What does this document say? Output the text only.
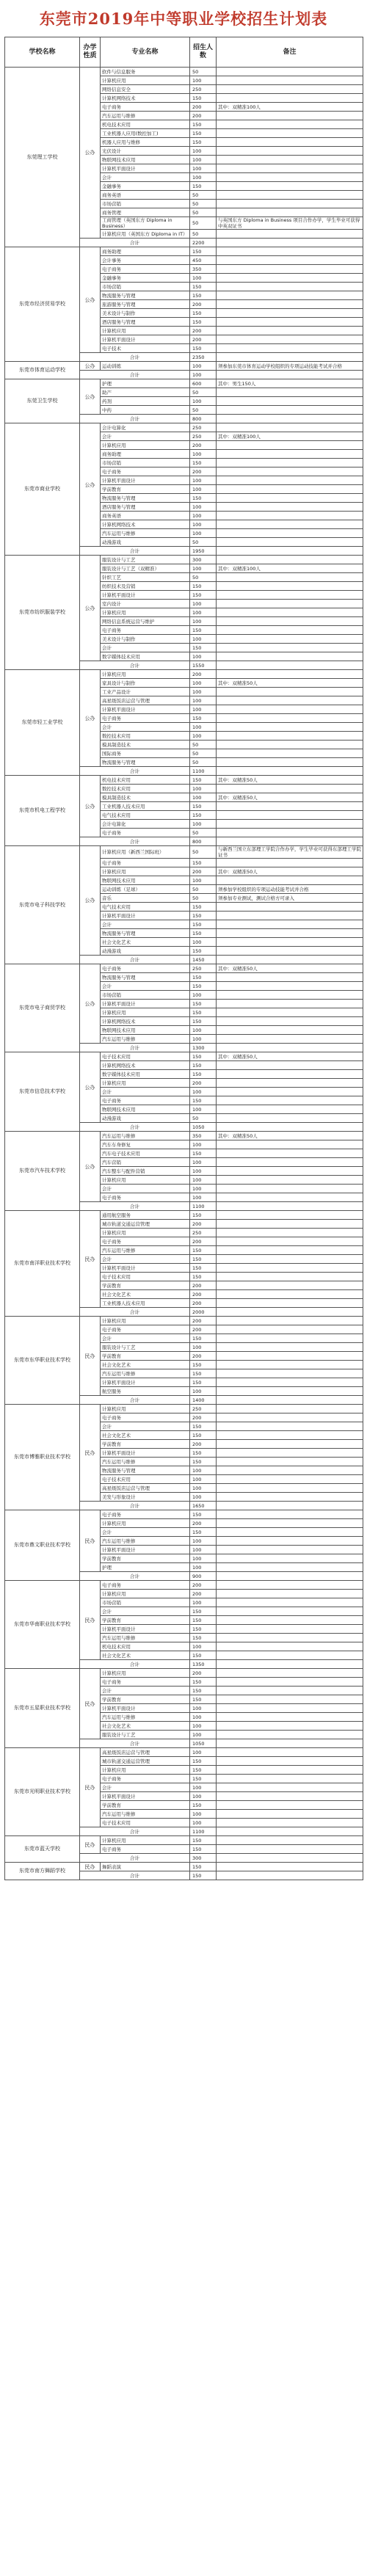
东莞市2019年中等职业学校招生计划表
学校名称	办学性质	专业名称	招生人数	备注
东莞理工学校	公办	软件与信息服务	50	
		计算机应用	100	
		网络信息安全	250	
		计算机网络技术	150	
		电子商务	200	其中：双精准100人
		汽车运用与维修	200	
		机电技术应用	150	
		工业机器人应用(数控加工)	150	
		机器人应用与维修	150	
		光伏设计	100	
		物联网技术应用	100	
		计算机平面设计	100	
		会计	100	
		金融事务	150	
		商务英语	50	
		市场营销	50	
		商务管理	50	
		工商管理（英国东方 Diploma in Business）	50	与英国东方 Diploma in Business 项目合作办学，学生毕业可获得中英双证书
		计算机应用（英国东方 Diploma in IT）	50	
	合计		2200	
东莞市经济贸易学校	公办	商务助理	150	
		会计事务	450	
		电子商务	350	
		金融事务	100	
		市场营销	150	
		物流服务与管理	150	
		旅游服务与管理	200	
		美术设计与制作	150	
		酒店服务与管理	150	
		计算机应用	200	
		计算机平面设计	200	
		电子技术	150	
	合计		2350	
东莞市体育运动学校	公办	运动训练	100	须参加东莞市体育运动学校组织的专项运动技能考试并合格
	合计		100	
东莞卫生学校	公办	护理	600	其中：男生150人
		助产	50	
		药剂	100	
		中药	50	
	合计		800	
东莞市商业学校	公办	会计电算化	250	
		会计	250	其中：双精准100人
		计算机应用	200	
		商务助理	100	
		市场营销	150	
		电子商务	200	
		计算机平面设计	100	
		学前教育	100	
		物流服务与管理	150	
		酒店服务与管理	100	
		商务英语	100	
		计算机网络技术	100	
		汽车运用与维修	100	
		动漫游戏	50	
	合计		1950	
东莞市纺织服装学校	公办	服装设计与工艺	300	
		服装设计与工艺（双精准）	100	其中：双精准100人
		针织工艺	50	
		纺织技术及营销	150	
		计算机平面设计	150	
		室内设计	100	
		计算机应用	100	
		网络信息系统运营与维护	100	
		电子商务	150	
		美术设计与制作	100	
		会计	150	
		数字媒体技术应用	100	
	合计		1550	
东莞市轻工业学校	公办	计算机应用	200	
		家具设计与制作	100	其中：双精准50人
		工业产品设计	100	
		高星级饭店运营与管理	100	
		计算机平面设计	100	
		电子商务	150	
		会计	100	
		数控技术应用	100	
		模具制造技术	50	
		国际商务	50	
		物流服务与管理	50	
	合计		1100	
东莞市机电工程学校	公办	机电技术应用	150	其中：双精准50人
		数控技术应用	100	
		模具制造技术	100	其中：双精准50人
		工业机器人技术应用	150	
		电气技术应用	150	
		会计电算化	100	
		电子商务	50	
	合计		800	
东莞市电子科技学校	公办	计算机应用（新西兰国际班）	50	与新西兰国立东部理工学院合作办学，学生毕业可获得东部理工学院证书
		电子商务	150	
		计算机应用	200	其中：双精准50人
		物联网技术应用	100	
		运动训练（足球）	50	须参加学校组织的专项运动技能考试并合格
		音乐	50	须参加专业测试，测试合格方可录入
		电气技术应用	150	
		计算机平面设计	150	
		会计	150	
		物流服务与管理	150	
		社会文化艺术	100	
		动漫游戏	150	
	合计		1450	
东莞市电子商贸学校	公办	电子商务	250	其中：双精准50人
		物流服务与管理	150	
		会计	150	
		市场营销	100	
		计算机平面设计	150	
		计算机应用	150	
		计算机网络技术	150	
		物联网技术应用	100	
		汽车运用与维修	100	
	合计		1300	
东莞市信息技术学校	公办	电子技术应用	150	其中：双精准50人
		计算机网络技术	150	
		数字媒体技术应用	150	
		计算机应用	200	
		会计	100	
		电子商务	150	
		物联网技术应用	100	
		动漫游戏	50	
	合计		1050	
东莞市汽车技术学校	公办	汽车运用与维修	350	其中：双精准50人
		汽车车身修复	100	
		汽车电子技术应用	150	
		汽车营销	100	
		汽车整车与配件营销	100	
		计算机应用	100	
		会计	100	
		电子商务	100	
	合计		1100	
东莞市南洋职业技术学校	民办	通用航空服务	150	
		城市轨道交通运营管理	200	
		计算机应用	250	
		电子商务	200	
		汽车运用与维修	150	
		会计	150	
		计算机平面设计	150	
		电子技术应用	150	
		学前教育	200	
		社会文化艺术	200	
		工业机器人技术应用	200	
	合计		2000	
东莞市东华职业技术学校	民办	计算机应用	200	
		电子商务	200	
		会计	150	
		服装设计与工艺	100	
		学前教育	200	
		社会文化艺术	150	
		汽车运用与维修	150	
		计算机平面设计	150	
		航空服务	100	
	合计		1400	
东莞市博雅职业技术学校	民办	计算机应用	250	
		电子商务	200	
		会计	150	
		社会文化艺术	150	
		学前教育	200	
		计算机平面设计	150	
		汽车运用与维修	150	
		物流服务与管理	100	
		电子技术应用	100	
		高星级饭店运营与管理	100	
		美发与形象设计	100	
	合计		1650	
东莞市鼎文职业技术学校	民办	电子商务	150	
		计算机应用	200	
		会计	150	
		汽车运用与维修	100	
		计算机平面设计	100	
		学前教育	100	
		护理	100	
	合计		900	
东莞市华南职业技术学校	民办	电子商务	200	
		计算机应用	200	
		市场营销	100	
		会计	150	
		学前教育	150	
		计算机平面设计	150	
		汽车运用与维修	150	
		机电技术应用	100	
		社会文化艺术	150	
	合计		1350	
东莞市五星职业技术学校	民办	计算机应用	200	
		电子商务	150	
		会计	150	
		学前教育	150	
		计算机平面设计	100	
		汽车运用与维修	100	
		社会文化艺术	100	
		服装设计与工艺	100	
	合计		1050	
东莞市光明职业技术学校	民办	高星级饭店运营与管理	100	
		城市轨道交通运营管理	150	
		计算机应用	150	
		电子商务	150	
		会计	100	
		计算机平面设计	100	
		学前教育	150	
		汽车运用与维修	100	
		电子技术应用	100	
	合计		1100	
东莞市蓝天学校	民办	计算机应用	150	
		电子商务	150	
	合计		300	
东莞市南方舞蹈学校	民办	舞蹈表演	150	
	合计		150	
